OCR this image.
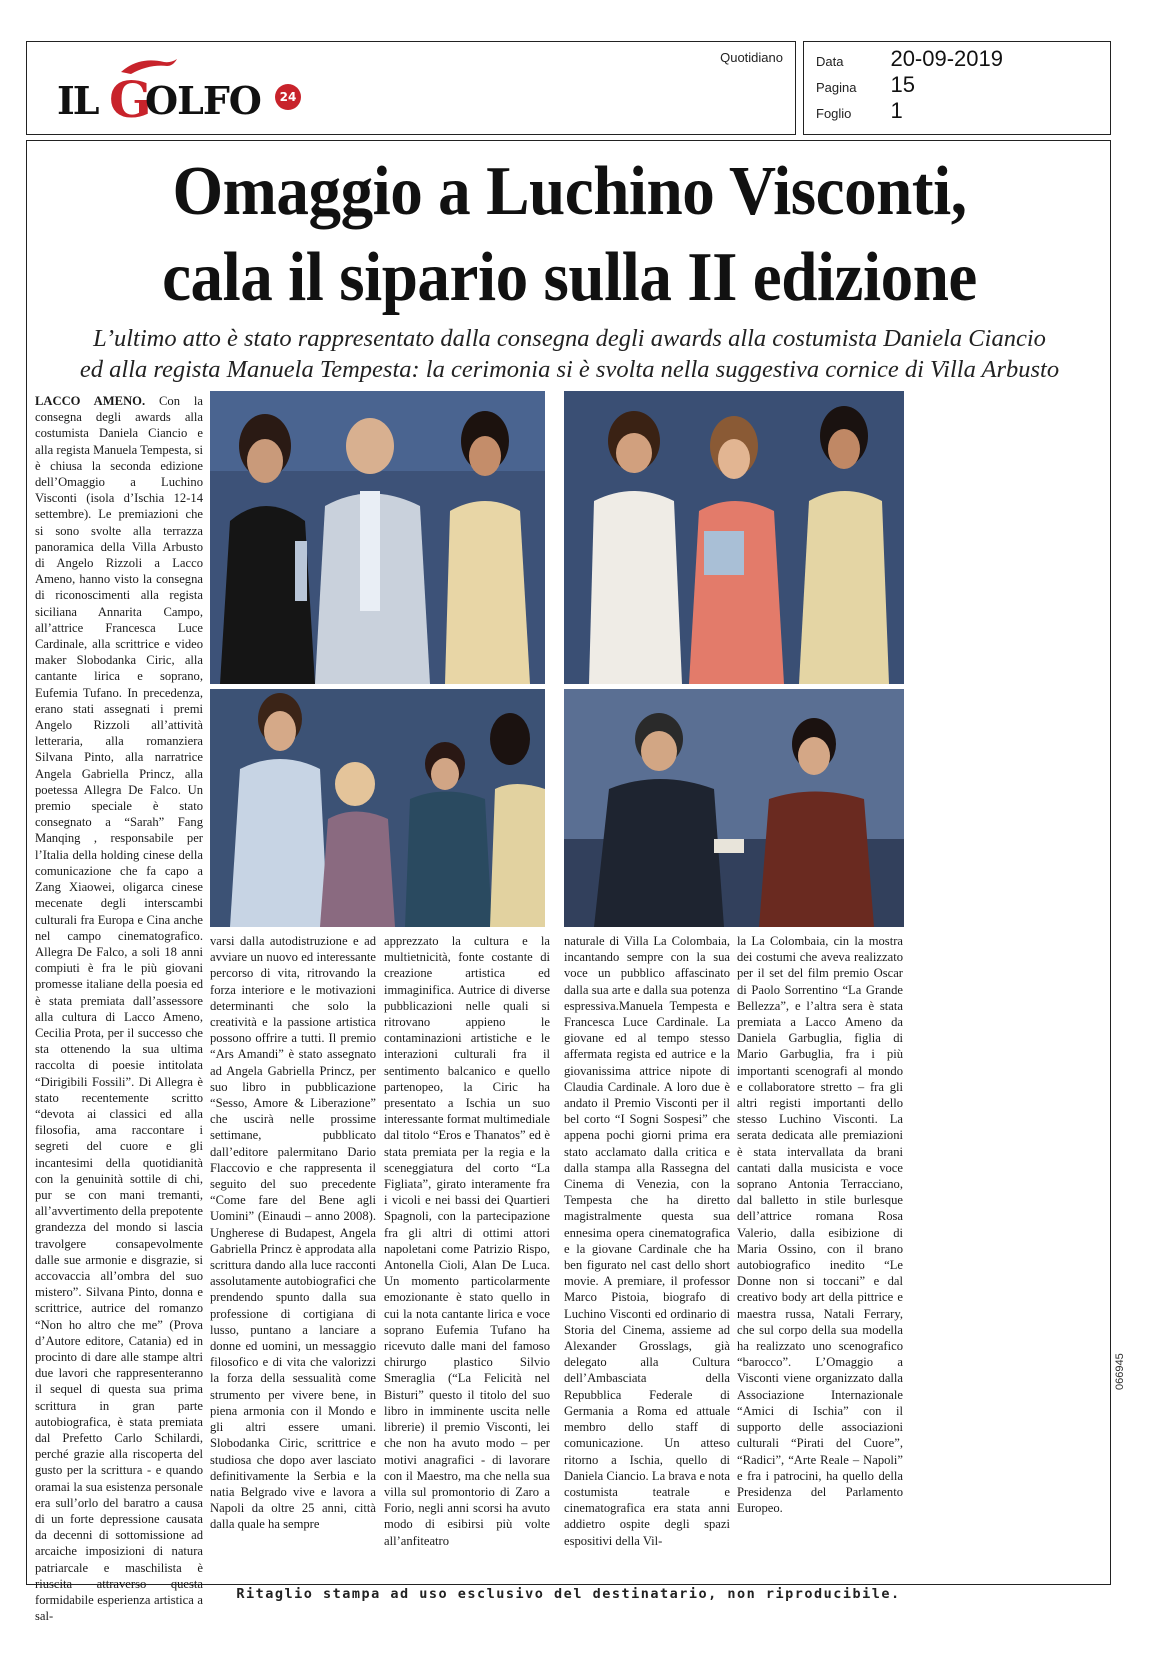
IL G
OLFO	24
Quotidiano	Data 20-09-2019
Pagina 15
Foglio 1
Omaggio a Luchino Visconti,
cala il sipario sulla II edizione
L’ultimo atto è stato rappresentato dalla consegna degli awards alla costumista Daniela Ciancio
ed alla regista Manuela Tempesta: la cerimonia si è svolta nella suggestiva cornice di Villa Arbusto
LACCO AMENO. Con la consegna degli awards alla costumista Daniela Ciancio e alla regista Manuela Tempesta, si è chiusa la seconda edizione dell’Omaggio a Luchino Visconti (isola d’Ischia 12-14 settembre). Le premiazioni che si sono svolte alla terrazza panoramica della Villa Arbusto di Angelo Rizzoli a Lacco Ameno, hanno visto la consegna di riconoscimenti alla regista siciliana Annarita Campo, all’attrice Francesca Luce Cardinale, alla scrittrice e video maker Slobodanka Ciric, alla cantante lirica e soprano, Eufemia Tufano. In precedenza, erano stati assegnati i premi Angelo Rizzoli all’attività letteraria, alla romanziera Silvana Pinto, alla narratrice Angela Gabriella Princz, alla poetessa Allegra De Falco. Un premio speciale è stato consegnato a “Sarah” Fang Manqing , responsabile per l’Italia della holding cinese della comunicazione che fa capo a Zang Xiaowei, oligarca cinese mecenate degli interscambi culturali fra Europa e Cina anche nel campo cinematografico. Allegra De Falco, a soli 18 anni compiuti è fra le più giovani promesse italiane della poesia ed è stata premiata dall’assessore alla cultura di Lacco Ameno, Cecilia Prota, per il successo che sta ottenendo la sua ultima raccolta di poesie intitolata “Dirigibili Fossili”. Di Allegra è stato recentemente scritto “devota ai classici ed alla filosofia, ama raccontare i segreti del cuore e gli incantesimi della quotidianità con la genuinità sottile di chi, pur se con mani tremanti, all’avvertimento della prepotente grandezza del mondo si lascia travolgere consapevolmente dalle sue armonie e disgrazie, si accovaccia all’ombra del suo mistero”. Silvana Pinto, donna e scrittrice, autrice del romanzo “Non ho altro che me” (Prova d’Autore editore, Catania) ed in procinto di dare alle stampe altri due lavori che rappresenteranno il sequel di questa sua prima scrittura in gran parte autobiografica, è stata premiata dal Prefetto Carlo Schilardi, perché grazie alla riscoperta del gusto per la scrittura - e quando oramai la sua esistenza personale era sull’orlo del baratro a causa di un forte depressione causata da decenni di sottomissione ad arcaiche imposizioni di natura patriarcale e maschilista è riuscita attraverso questa formidabile esperienza artistica a sal-
varsi dalla autodistruzione e ad avviare un nuovo ed interessante percorso di vita, ritrovando la forza interiore e le motivazioni determinanti che solo la creatività e la passione artistica possono offrire a tutti. Il premio “Ars Amandi” è stato assegnato ad Angela Gabriella Princz, per suo libro in pubblicazione “Sesso, Amore & Liberazione” che uscirà nelle prossime settimane, pubblicato dall’editore palermitano Dario Flaccovio e che rappresenta il seguito del suo precedente “Come fare del Bene agli Uomini” (Einaudi – anno 2008). Ungherese di Budapest, Angela Gabriella Princz è approdata alla scrittura dando alla luce racconti assolutamente autobiografici che prendendo spunto dalla sua professione di cortigiana di lusso, puntano a lanciare a donne ed uomini, un messaggio filosofico e di vita che valorizzi la forza della sessualità come strumento per vivere bene, in piena armonia con il Mondo e gli altri essere umani. Slobodanka Ciric, scrittrice e studiosa che dopo aver lasciato definitivamente la Serbia e la natia Belgrado vive e lavora a Napoli da oltre 25 anni, città dalla quale ha sempre
apprezzato la cultura e la multietnicità, fonte costante di creazione artistica ed immaginifica. Autrice di diverse pubblicazioni nelle quali si ritrovano appieno le contaminazioni artistiche e le interazioni culturali fra il sentimento balcanico e quello partenopeo, la Ciric ha presentato a Ischia un suo interessante format multimediale dal titolo “Eros e Thanatos” ed è stata premiata per la regia e la sceneggiatura del corto “La Figliata”, girato interamente fra i vicoli e nei bassi dei Quartieri Spagnoli, con la partecipazione fra gli altri di ottimi attori napoletani come Patrizio Rispo, Antonella Cioli, Alan De Luca. Un momento particolarmente emozionante è stato quello in cui la nota cantante lirica e voce soprano Eufemia Tufano ha ricevuto dalle mani del famoso chirurgo plastico Silvio Smeraglia (“La Felicità nel Bisturi” questo il titolo del suo libro in imminente uscita nelle librerie) il premio Visconti, lei che non ha avuto modo – per motivi anagrafici - di lavorare con il Maestro, ma che nella sua villa sul promontorio di Zaro a Forio, negli anni scorsi ha avuto modo di esibirsi più volte all’anfiteatro
naturale di Villa La Colombaia, incantando sempre con la sua voce un pubblico affascinato dalla sua arte e dalla sua potenza espressiva.Manuela Tempesta e Francesca Luce Cardinale. La giovane ed al tempo stesso affermata regista ed autrice e la giovanissima attrice nipote di Claudia Cardinale. A loro due è andato il Premio Visconti per il bel corto “I Sogni Sospesi” che appena pochi giorni prima era stato acclamato dalla critica e dalla stampa alla Rassegna del Cinema di Venezia, con la Tempesta che ha diretto magistralmente questa sua ennesima opera cinematografica e la giovane Cardinale che ha ben figurato nel cast dello short movie. A premiare, il professor Marco Pistoia, biografo di Luchino Visconti ed ordinario di Storia del Cinema, assieme ad Alexander Grosslags, già delegato alla Cultura dell’Ambasciata della Repubblica Federale di Germania a Roma ed attuale membro dello staff di comunicazione. Un atteso ritorno a Ischia, quello di Daniela Ciancio. La brava e nota costumista teatrale e cinematografica era stata anni addietro ospite degli spazi espositivi della Vil-
la La Colombaia, cin la mostra dei costumi che aveva realizzato per il set del film premio Oscar di Paolo Sorrentino “La Grande Bellezza”, e l’altra sera è stata premiata a Lacco Ameno da Daniela Garbuglia, figlia di Mario Garbuglia, fra i più importanti scenografi al mondo e collaboratore stretto – fra gli altri registi importanti dello stesso Luchino Visconti. La serata dedicata alle premiazioni è stata intervallata da brani cantati dalla musicista e voce soprano Antonia Terracciano, dal balletto in stile burlesque dell’attrice romana Rosa Valerio, dalla esibizione di Maria Ossino, con il brano autobiografico inedito “Le Donne non si toccani” e dal creativo body art della pittrice e maestra russa, Natali Ferrary, che sul corpo della sua modella ha realizzato uno scenografico “barocco”. L’Omaggio a Visconti viene organizzato dalla Associazione Internazionale “Amici di Ischia” con il supporto delle associazioni culturali “Pirati del Cuore”, “Radici”, “Arte Reale – Napoli” e fra i patrocini, ha quello della Presidenza del Parlamento Europeo.
Ritaglio stampa ad uso esclusivo del destinatario, non riproducibile.
066945
